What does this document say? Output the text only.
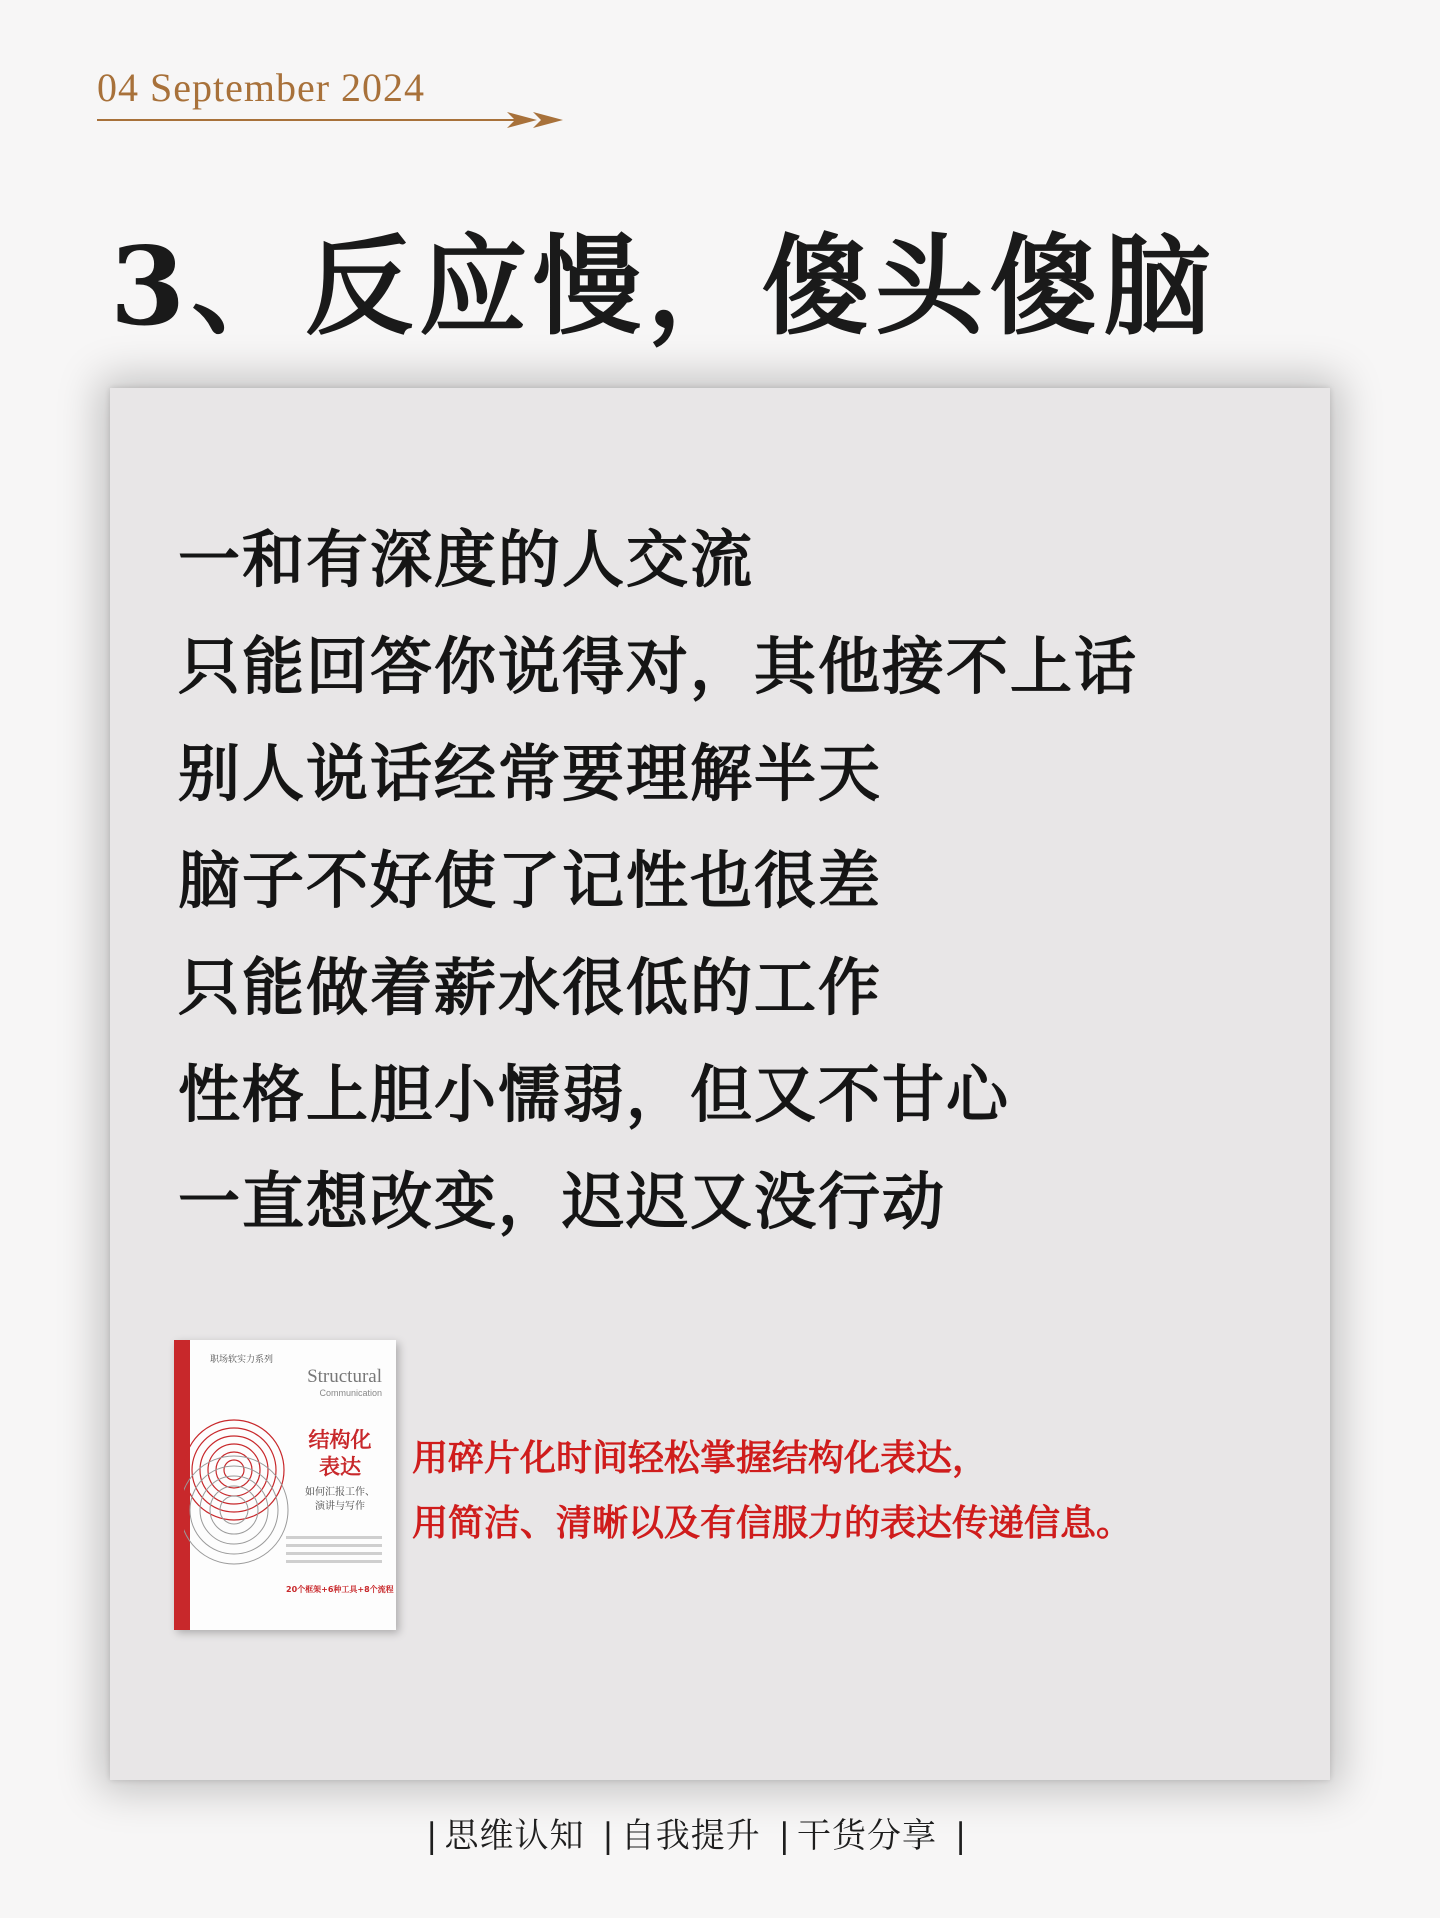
04 September 2024
3、反应慢，傻头傻脑
一和有深度的人交流
只能回答你说得对，其他接不上话
别人说话经常要理解半天
脑子不好使了记性也很差
只能做着薪水很低的工作
性格上胆小懦弱，但又不甘心
一直想改变，迟迟又没行动
职场软实力系列
Structural
Communication
结构化
表达
如何汇报工作、
演讲与写作
20个框架+6种工具+8个流程
用碎片化时间轻松掌握结构化表达，
用简洁、清晰以及有信服力的表达传递信息。
| 思维认知 | 自我提升 | 干货分享 |
